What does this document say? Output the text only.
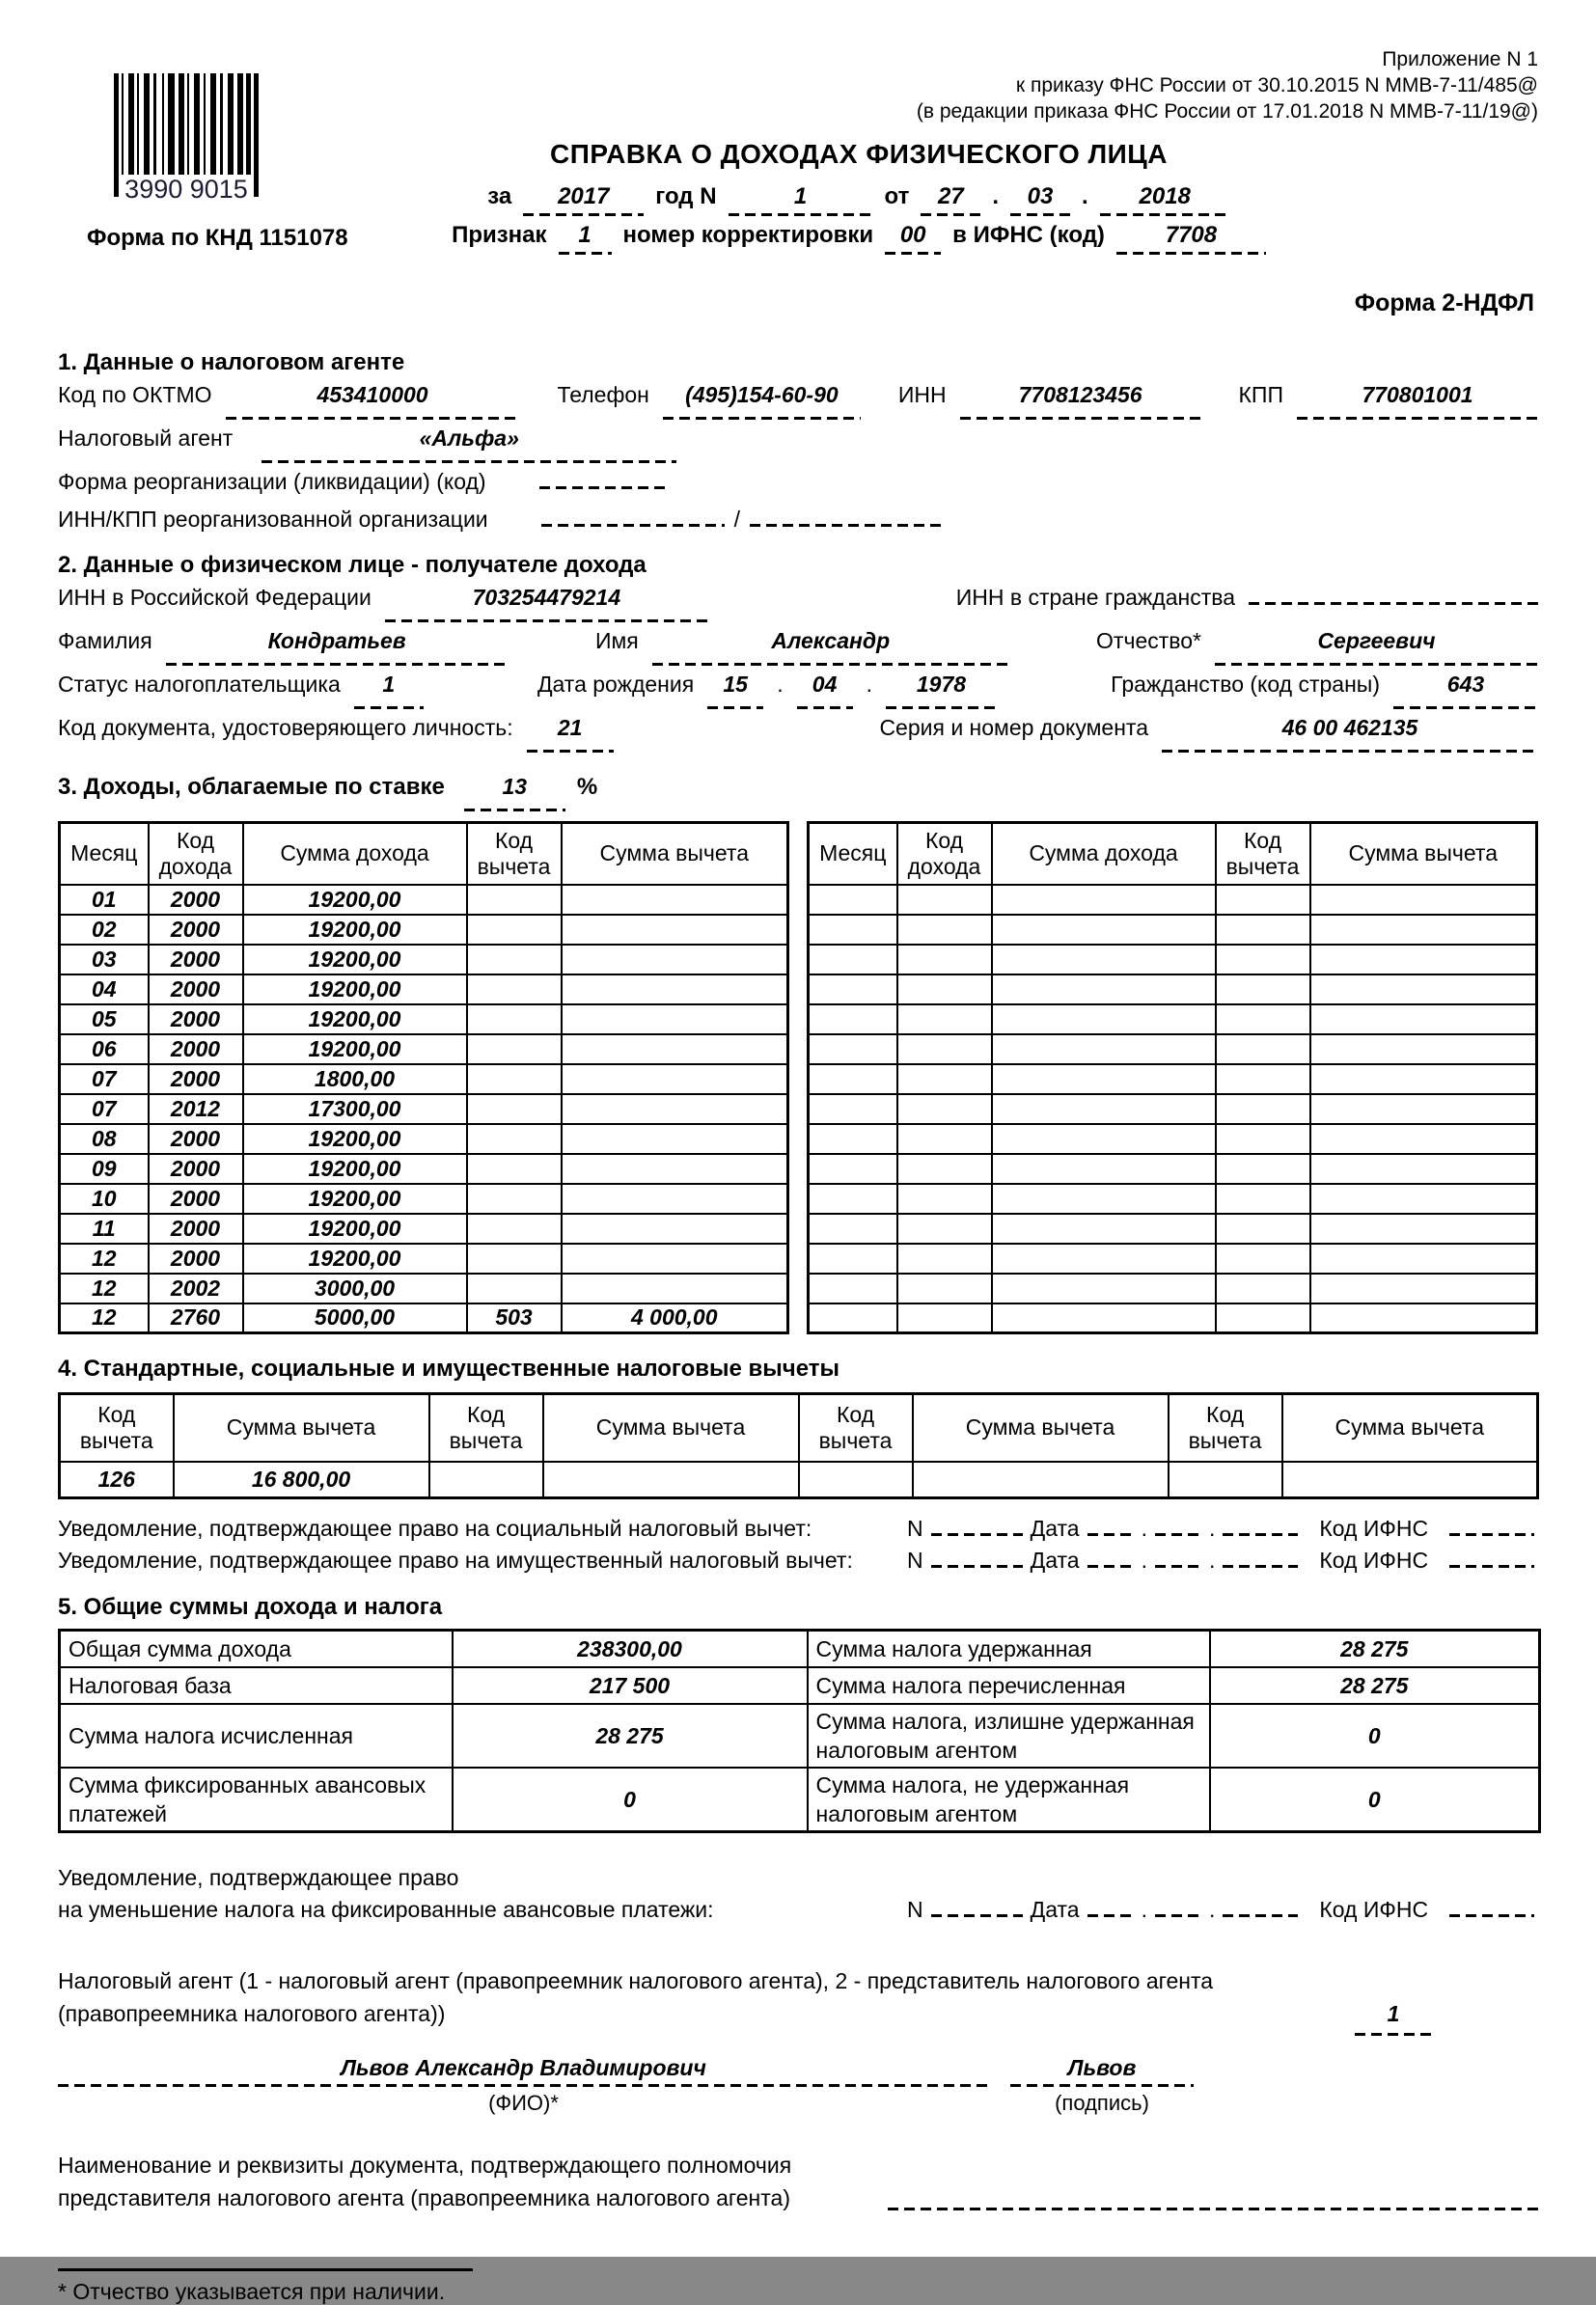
3990 9015
Форма по КНД 1151078
Приложение N 1
к приказу ФНС России от 30.10.2015 N ММВ-7-11/485@
(в редакции приказа ФНС России от 17.01.2018 N ММВ-7-11/19@)
СПРАВКА О ДОХОДАХ ФИЗИЧЕСКОГО ЛИЦА
за	2017	год N	1	от	27	.	03	.	2018
Признак	1	номер корректировки	00	в ИФНС (код)	7708
Форма 2-НДФЛ
1. Данные о налоговом агенте
Код по ОКТМО	453410000	Телефон	(495)154-60-90	ИНН	7708123456	КПП	770801001
Налоговый агент	«Альфа»
Форма реорганизации (ликвидации) (код)
ИНН/КПП реорганизованной организации	/
2. Данные о физическом лице - получателе дохода
ИНН в Российской Федерации	703254479214	ИНН в стране гражданства
Фамилия	Кондратьев	Имя	Александр	Отчество*	Сергеевич
Статус налогоплательщика	1	Дата рождения	15	.	04	.	1978	Гражданство (код страны)	643
Код документа, удостоверяющего личность:	21	Серия и номер документа	46 00 462135
3. Доходы, облагаемые по ставке	13	%
Месяц	Код дохода	Сумма дохода	Код вычета	Сумма вычета
01	2000	19200,00		
02	2000	19200,00		
03	2000	19200,00		
04	2000	19200,00		
05	2000	19200,00		
06	2000	19200,00		
07	2000	1800,00		
07	2012	17300,00		
08	2000	19200,00		
09	2000	19200,00		
10	2000	19200,00		
11	2000	19200,00		
12	2000	19200,00		
12	2002	3000,00		
12	2760	5000,00	503	4 000,00
Месяц	Код дохода	Сумма дохода	Код вычета	Сумма вычета

4. Стандартные, социальные и имущественные налоговые вычеты
Код вычета	Сумма вычета	Код вычета	Сумма вычета	Код вычета	Сумма вычета	Код вычета	Сумма вычета
126	16 800,00						
Уведомление, подтверждающее право на социальный налоговый вычет:	N	Дата	.	.	Код ИФНС
Уведомление, подтверждающее право на имущественный налоговый вычет:	N	Дата	.	.	Код ИФНС
5. Общие суммы дохода и налога
Общая сумма дохода	238300,00	Сумма налога удержанная	28 275
Налоговая база	217 500	Сумма налога перечисленная	28 275
Сумма налога исчисленная	28 275	Сумма налога, излишне удержанная налоговым агентом	0
Сумма фиксированных авансовых платежей	0	Сумма налога, не удержанная налоговым агентом	0
Уведомление, подтверждающее право
на уменьшение налога на фиксированные авансовые платежи:	N	Дата	.	.	Код ИФНС
Налоговый агент (1 - налоговый агент (правопреемник налогового агента), 2 - представитель налогового агента
(правопреемника налогового агента))	1
Львов Александр Владимирович
(ФИО)*
Львов
(подпись)
Наименование и реквизиты документа, подтверждающего полномочия
представителя налогового агента (правопреемника налогового агента)
* Отчество указывается при наличии.
